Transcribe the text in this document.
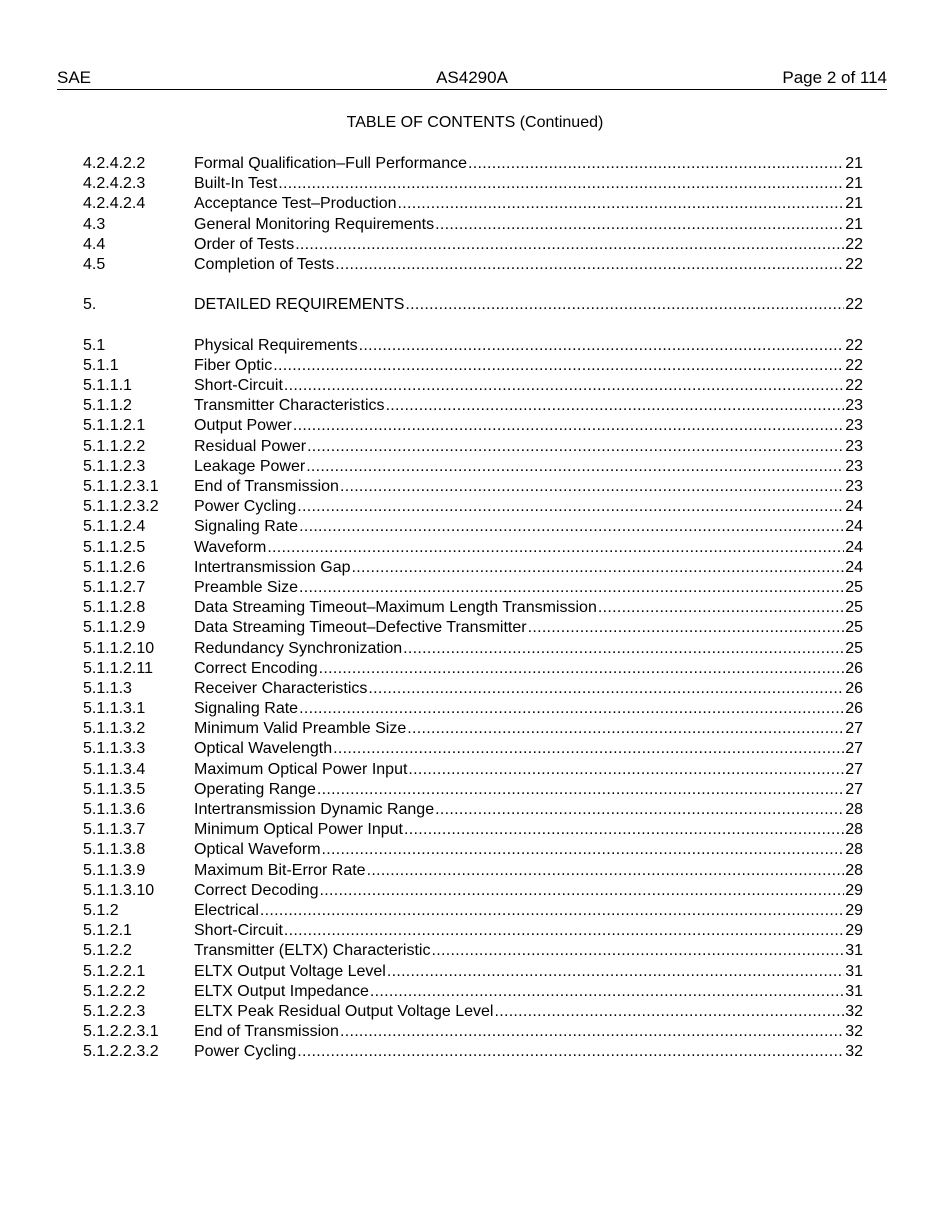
SAE	AS4290A	Page 2 of 114
TABLE OF CONTENTS (Continued)
4.2.4.2.2	Formal Qualification–Full Performance .....	21
4.2.4.2.3	Built-In Test .....	21
4.2.4.2.4	Acceptance Test–Production .....	21
4.3	General Monitoring Requirements .....	21
4.4	Order of Tests .....	22
4.5	Completion of Tests .....	22
5.	DETAILED REQUIREMENTS .....	22
5.1	Physical Requirements .....	22
5.1.1	Fiber Optic .....	22
5.1.1.1	Short-Circuit .....	22
5.1.1.2	Transmitter Characteristics .....	23
5.1.1.2.1	Output Power .....	23
5.1.1.2.2	Residual Power .....	23
5.1.1.2.3	Leakage Power .....	23
5.1.1.2.3.1	End of Transmission .....	23
5.1.1.2.3.2	Power Cycling .....	24
5.1.1.2.4	Signaling Rate .....	24
5.1.1.2.5	Waveform .....	24
5.1.1.2.6	Intertransmission Gap .....	24
5.1.1.2.7	Preamble Size .....	25
5.1.1.2.8	Data Streaming Timeout–Maximum Length Transmission .....	25
5.1.1.2.9	Data Streaming Timeout–Defective Transmitter .....	25
5.1.1.2.10	Redundancy Synchronization .....	25
5.1.1.2.11	Correct Encoding .....	26
5.1.1.3	Receiver Characteristics .....	26
5.1.1.3.1	Signaling Rate .....	26
5.1.1.3.2	Minimum Valid Preamble Size .....	27
5.1.1.3.3	Optical Wavelength .....	27
5.1.1.3.4	Maximum Optical Power Input .....	27
5.1.1.3.5	Operating Range .....	27
5.1.1.3.6	Intertransmission Dynamic Range .....	28
5.1.1.3.7	Minimum Optical Power Input .....	28
5.1.1.3.8	Optical Waveform .....	28
5.1.1.3.9	Maximum Bit-Error Rate .....	28
5.1.1.3.10	Correct Decoding .....	29
5.1.2	Electrical .....	29
5.1.2.1	Short-Circuit .....	29
5.1.2.2	Transmitter (ELTX) Characteristic .....	31
5.1.2.2.1	ELTX Output Voltage Level .....	31
5.1.2.2.2	ELTX Output Impedance .....	31
5.1.2.2.3	ELTX Peak Residual Output Voltage Level .....	32
5.1.2.2.3.1	End of Transmission .....	32
5.1.2.2.3.2	Power Cycling .....	32
